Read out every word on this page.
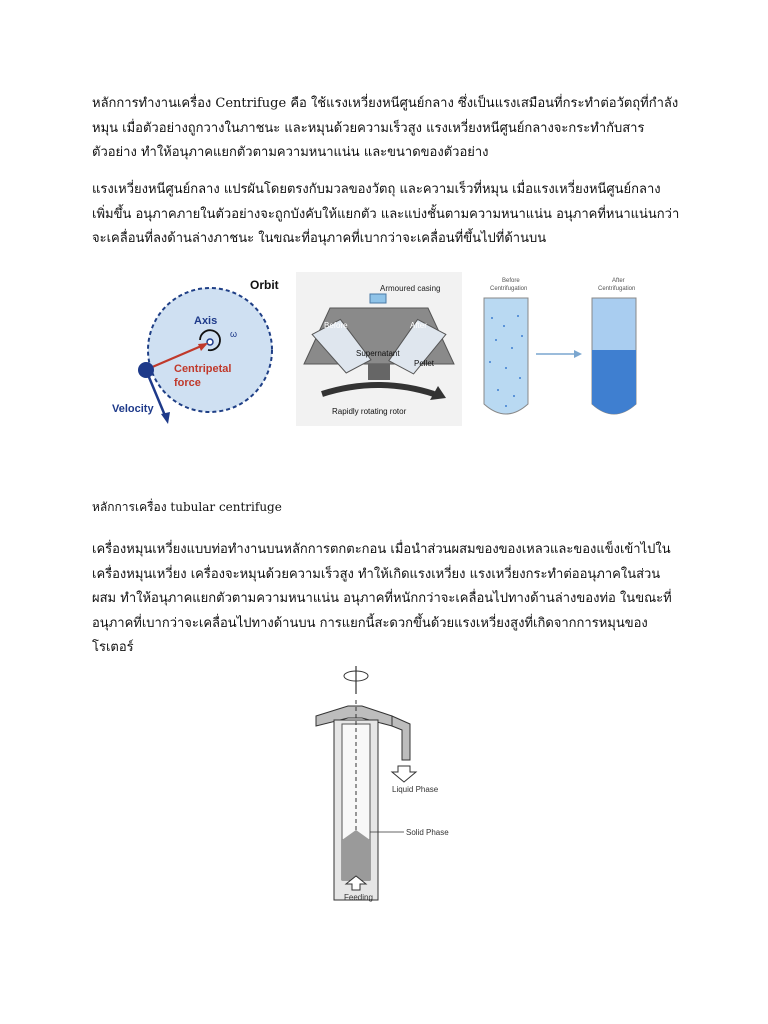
หลักการทำงานเครื่อง Centrifuge คือ ใช้แรงเหวี่ยงหนีศูนย์กลาง ซึ่งเป็นแรงเสมือนที่กระทำต่อวัตถุที่กำลังหมุน เมื่อตัวอย่างถูกวางในภาชนะ และหมุนด้วยความเร็วสูง แรงเหวี่ยงหนีศูนย์กลางจะกระทำกับสารตัวอย่าง ทำให้อนุภาคแยกตัวตามความหนาแน่น และขนาดของตัวอย่าง

แรงเหวี่ยงหนีศูนย์กลาง แปรผันโดยตรงกับมวลของวัตถุ และความเร็วที่หมุน เมื่อแรงเหวี่ยงหนีศูนย์กลางเพิ่มขึ้น อนุภาคภายในตัวอย่างจะถูกบังคับให้แยกตัว และแบ่งชั้นตามความหนาแน่น อนุภาคที่หนาแน่นกว่าจะเคลื่อนที่ลงด้านล่างภาชนะ ในขณะที่อนุภาคที่เบากว่าจะเคลื่อนที่ขึ้นไปที่ด้านบน

Orbit
Axis
ω
Centripetal
force
Velocity
Armoured casing
Before	After
Supernatant
Pellet
Rapidly rotating rotor
Before
Centrifugation
After
Centrifugation

หลักการเครื่อง tubular centrifuge

เครื่องหมุนเหวี่ยงแบบท่อทำงานบนหลักการตกตะกอน เมื่อนำส่วนผสมของของเหลวและของแข็งเข้าไปในเครื่องหมุนเหวี่ยง เครื่องจะหมุนด้วยความเร็วสูง ทำให้เกิดแรงเหวี่ยง แรงเหวี่ยงกระทำต่ออนุภาคในส่วนผสม ทำให้อนุภาคแยกตัวตามความหนาแน่น อนุภาคที่หนักกว่าจะเคลื่อนไปทางด้านล่างของท่อ ในขณะที่อนุภาคที่เบากว่าจะเคลื่อนไปทางด้านบน การแยกนี้สะดวกขึ้นด้วยแรงเหวี่ยงสูงที่เกิดจากการหมุนของโรเตอร์

Liquid Phase
Solid Phase
Feeding
